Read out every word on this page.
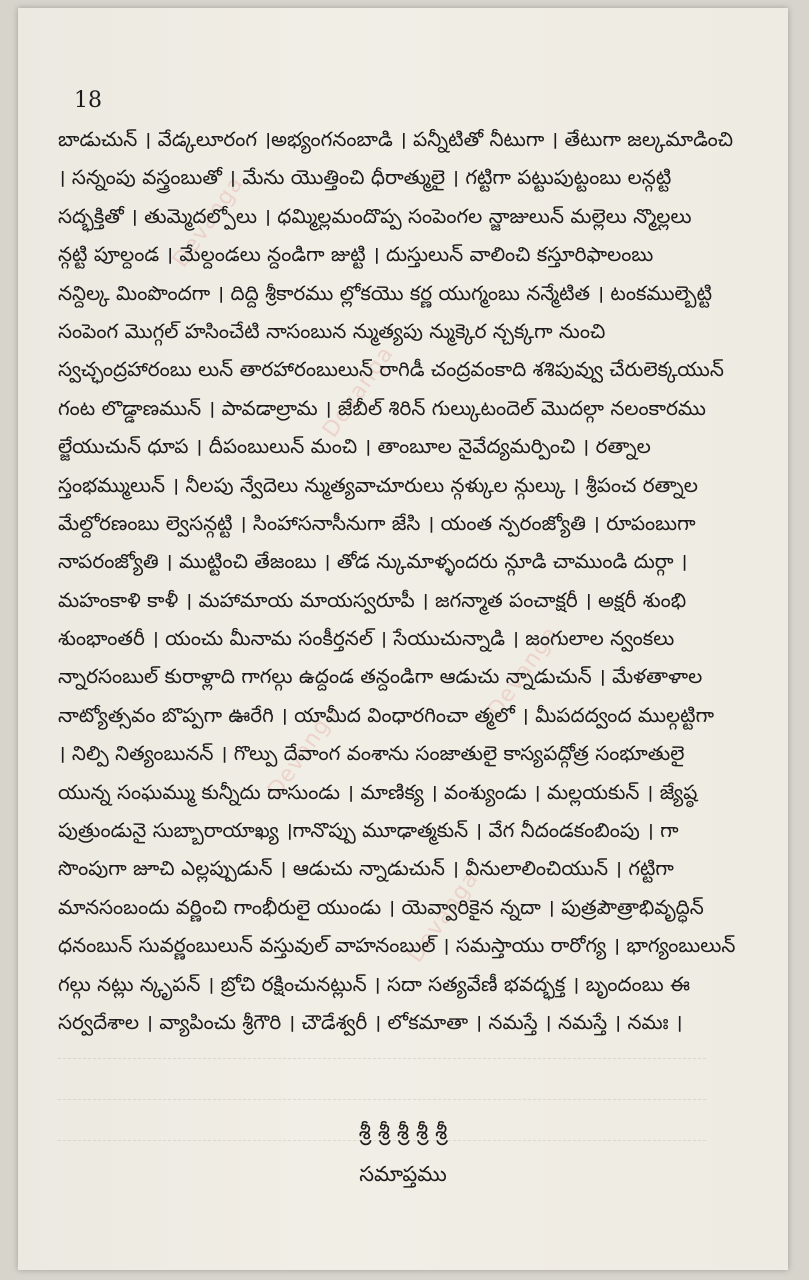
18
Devanga
Devanga
Devanga
Devanga
Devanga
బాడుచున్ । వేడ్కలూరంగ ।అభ్యంగనంబాడి । పన్నీటితో నీటుగా । తేటుగా జల్కమాడించి
। సన్నంపు వస్త్రంబుతో । మేను యొత్తించి ధీరాత్ములై । గట్టిగా పట్టుపుట్టంబు లన్గట్టి
సద్భక్తితో । తుమ్మెదల్పోలు । ధమ్మిల్లమందొప్ప సంపెంగల న్జాజులున్ మల్లెలు న్మొల్లలు
న్గట్టి పూల్దండ । మేల్దండలు న్దండిగా జుట్టి । దుస్తులున్ వాలించి కస్తూరిఫాలంబు
నన్దిల్క మింపొందగా । దిద్ది శ్రీకారము ల్లోకయొ కర్ణ యుగ్మంబు నన్మేటిత । టంకముల్బెట్టి
సంపెంగ మొగ్గల్ హసించేటి నాసంబున న్ముత్యపు న్ముక్కెర న్చక్కగా నుంచి
స్వచ్ఛంద్రహారంబు లున్ తారహారంబులున్ రాగిడీ చంద్రవంకాది శశిపువ్వు చేరులెక్కయున్
గంట లొడ్డాణమున్ । పావడాల్రామ । జేబీల్ శిరిన్ గుల్కుటందెల్ మొదల్గా నలంకారము
ల్జేయుచున్ ధూప । దీపంబులున్ మంచి । తాంబూల నైవేద్యమర్పించి । రత్నాల
స్తంభమ్ములున్ । నీలపు న్వేదెలు న్ముత్యవాచూరులు న్గళ్కుల న్గుల్కు । శ్రీపంచ రత్నాల
మేల్దోరణంబు ల్వెసన్గట్టి । సింహాసనాసీనుగా జేసి । యంత న్పరంజ్యోతి । రూపంబుగా
నాపరంజ్యోతి । ముట్టించి తేజంబు । తోడ న్కుమాళ్ళందరు న్గూడి చాముండి దుర్గా ।
మహంకాళి కాళీ । మహామాయ మాయస్వరూపీ । జగన్మాత పంచాక్షరీ । అక్షరీ శుంభి
శుంభాంతరీ । యంచు మీనామ సంకీర్తనల్ । సేయుచున్నాడి । జంగులాల న్వంకలు
న్నారసంబుల్ కురాళ్లాది గాగల్గు ఉద్దండ తన్దండిగా ఆడుచు న్నాడుచున్ । మేళతాళాల
నాట్యోత్సవం బొప్పగా ఊరేగి । యామీద వింధారగించా త్మలో । మీపదద్వంద ముల్గట్టిగా
। నిల్పి నిత్యంబునన్ । గొల్పు దేవాంగ వంశాను సంజాతులై కాస్యపద్గోత్ర సంభూతులై
యున్న సంఘమ్ము కున్నీదు దాసుండు । మాణిక్య । వంశ్యుండు । మల్లయకున్ । జ్యేష్ఠ
పుత్రుండునై సుబ్బారాయాఖ్య ।గానొప్పు మూఢాత్మకున్ । వేగ నీదండకంబింపు । గా
సొంపుగా జూచి ఎల్లప్పుడున్ । ఆడుచు న్నాడుచున్ । వీనులాలించియున్ । గట్టిగా
మానసంబందు వర్ణించి గాంభీరులై యుండు । యెవ్వారికైన న్నదా । పుత్రపౌత్రాభివృద్ధిన్
ధనంబున్ సువర్ణంబులున్ వస్తువుల్ వాహనంబుల్ । సమస్తాయు రారోగ్య । భాగ్యంబులున్
గల్గు నట్లు న్కృపన్ । బ్రోచి రక్షించునట్లున్ । సదా సత్యవేణీ భవద్భక్త । బృందంబు ఈ
సర్వదేశాల । వ్యాపించు శ్రీగౌరి । చౌడేశ్వరీ । లోకమాతా । నమస్తే । నమస్తే । నమః ।
శ్రీ శ్రీ శ్రీ శ్రీ శ్రీ
సమాప్తము
